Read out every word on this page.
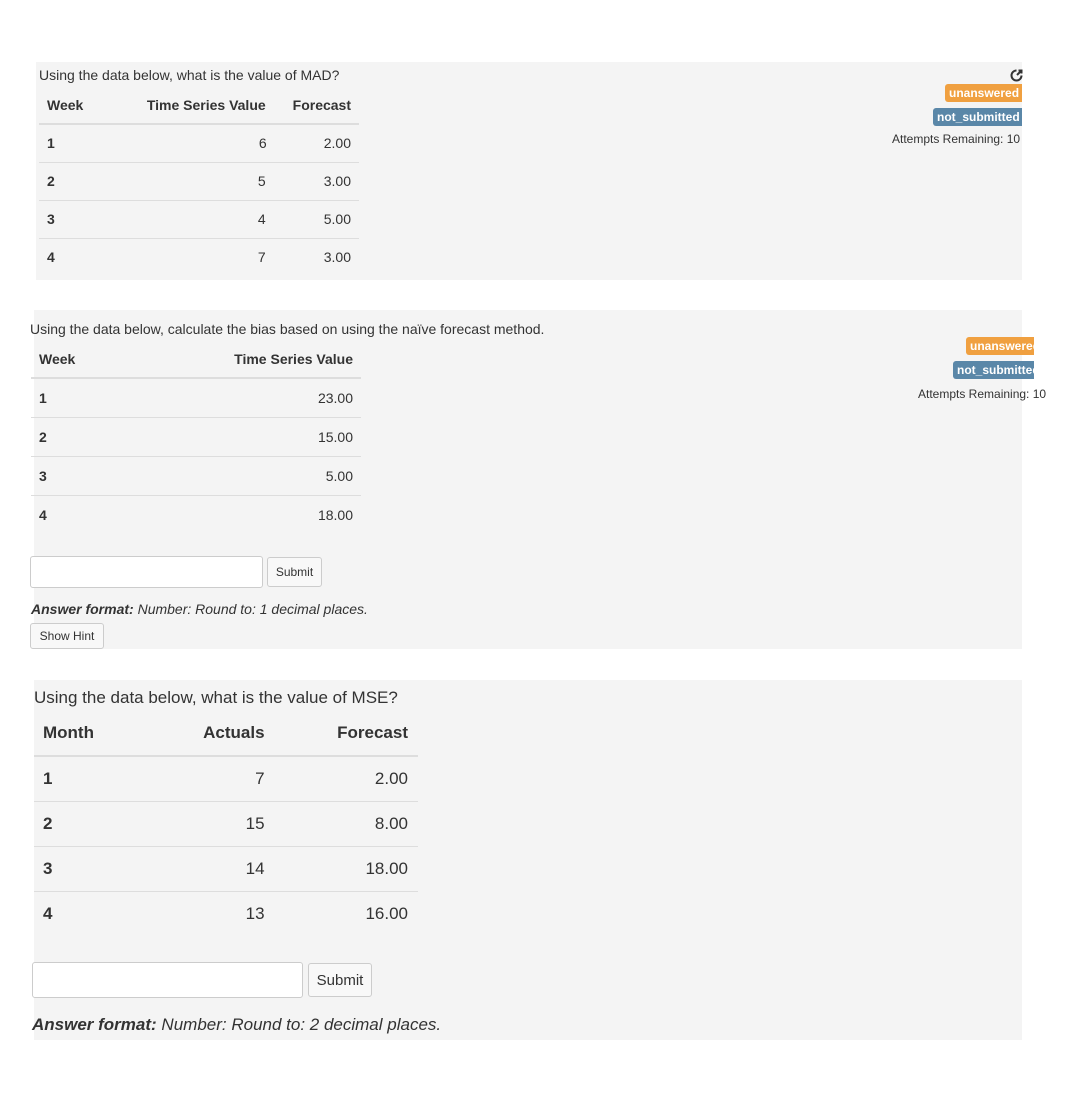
Using the data below, what is the value of MAD?
Week	Time Series Value	Forecast
1	6	2.00
2	5	3.00
3	4	5.00
4	7	3.00
unanswered
not_submitted
Attempts Remaining: 10
Using the data below, calculate the bias based on using the naïve forecast method.
Week	Time Series Value
1	23.00
2	15.00
3	5.00
4	18.00
Submit
Answer format: Number: Round to: 1 decimal places.
Show Hint
unanswered
not_submitted
Attempts Remaining: 10
Using the data below, what is the value of MSE?
Month	Actuals	Forecast
1	7	2.00
2	15	8.00
3	14	18.00
4	13	16.00
Submit
Answer format: Number: Round to: 2 decimal places.
